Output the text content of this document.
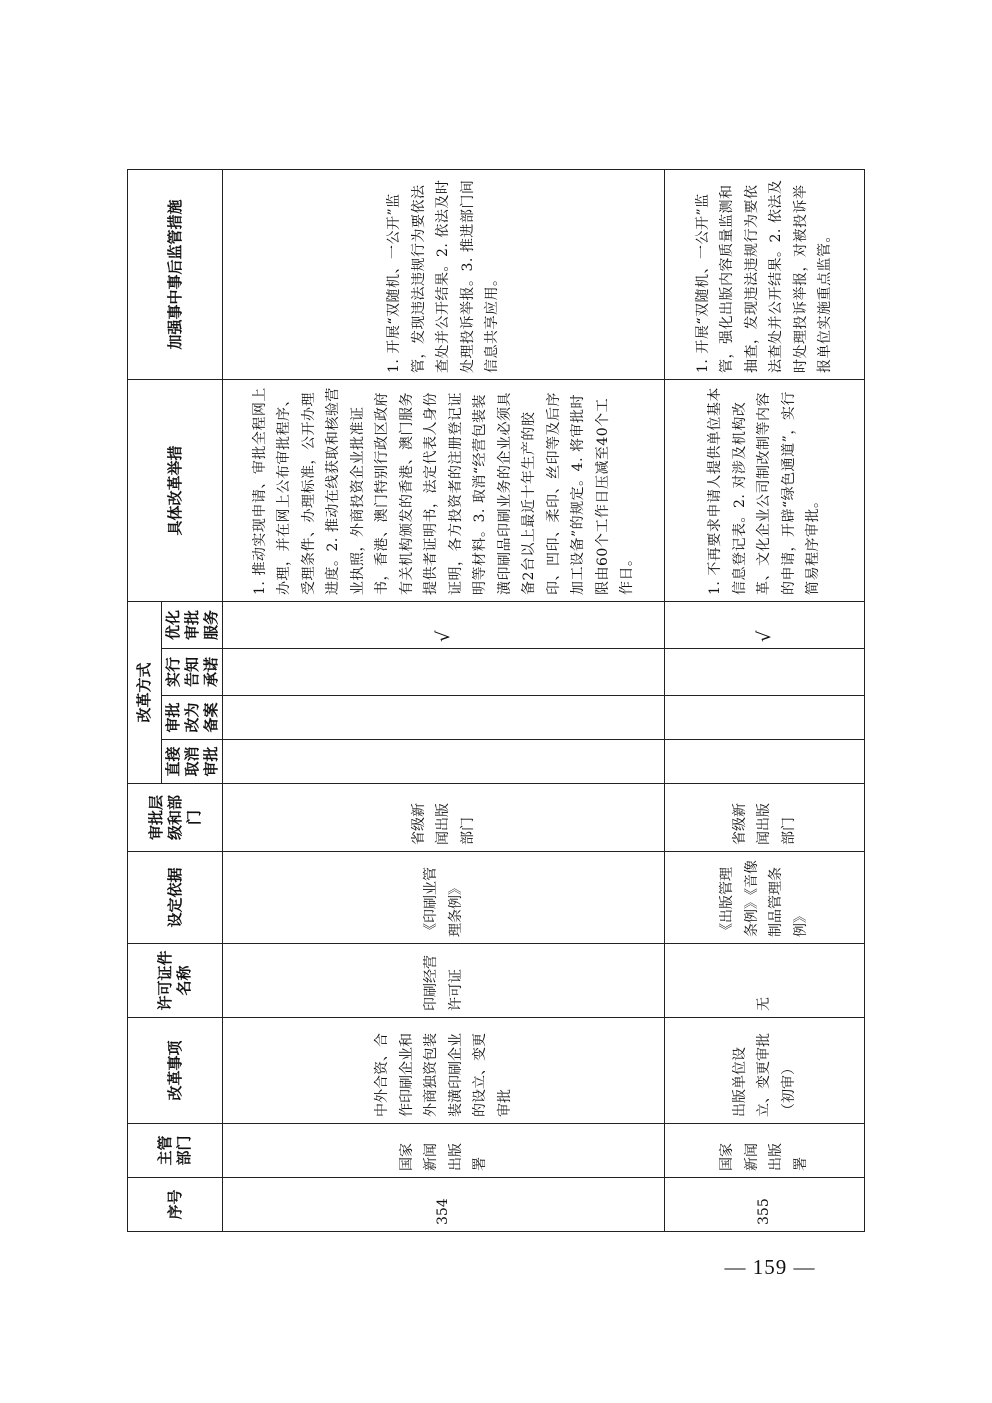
序号	主管部门	改革事项	许可证件名称	设定依据	审批层级和部门	改革方式				具体改革举措	加强事中事后监管措施
						直接取消审批	审批改为备案	实行告知承诺	优化审批服务		
354	国家新闻出版署	中外合资、合作印刷企业和外商独资包装装潢印刷企业的设立、变更审批	印刷经营许可证	《印刷业管理条例》	省级新闻出版部门				√	1. 推动实现申请、审批全程网上办理，并在网上公布审批程序、受理条件、办理标准，公开办理进度。2. 推动在线获取和核验营业执照，外商投资企业批准证书，香港、澳门特别行政区政府有关机构颁发的香港、澳门服务提供者证明书，法定代表人身份证明，各方投资者的注册登记证明等材料。3. 取消“经营包装装潢印刷品印刷业务的企业必须具备2台以上最近十年生产的胶印、凹印、柔印、丝印等及后序加工设备”的规定。4. 将审批时限由60个工作日压减至40个工作日。	1. 开展“双随机、一公开”监管，发现违法违规行为要依法查处并公开结果。2. 依法及时处理投诉举报。3. 推进部门间信息共享应用。
355	国家新闻出版署	出版单位设立、变更审批（初审）	无	《出版管理条例》《音像制品管理条例》	省级新闻出版部门				√	1. 不再要求申请人提供单位基本信息登记表。2. 对涉及机构改革、文化企业公司制改制等内容的申请，开辟“绿色通道”，实行简易程序审批。	1. 开展“双随机、一公开”监管，强化出版内容质量监测和抽查，发现违法违规行为要依法查处并公开结果。2. 依法及时处理投诉举报，对被投诉举报单位实施重点监管。
— 159 —
